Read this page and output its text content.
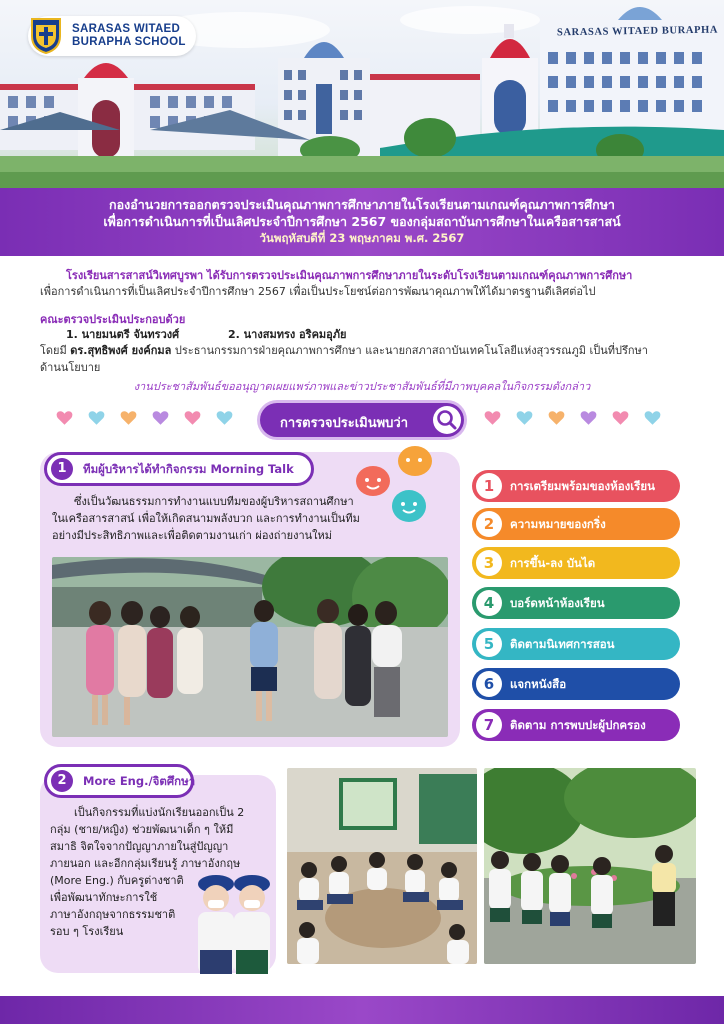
SARASAS WITAED BURAPHA
SARASAS WITAED
BURAPHA SCHOOL
กองอำนวยการออกตรวจประเมินคุณภาพการศึกษาภายในโรงเรียนตามเกณฑ์คุณภาพการศึกษา
เพื่อการดำเนินการที่เป็นเลิศประจำปีการศึกษา 2567 ของกลุ่มสถาบันการศึกษาในเครือสารสาสน์
วันพฤหัสบดีที่ 23 พฤษภาคม พ.ศ. 2567
โรงเรียนสารสาสน์วิเทศบูรพา ได้รับการตรวจประเมินคุณภาพการศึกษาภายในระดับโรงเรียนตามเกณฑ์คุณภาพการศึกษา
เพื่อการดำเนินการที่เป็นเลิศประจำปีการศึกษา 2567 เพื่อเป็นประโยชน์ต่อการพัฒนาคุณภาพให้ได้มาตรฐานดีเลิศต่อไป
คณะตรวจประเมินประกอบด้วย
1. นายมนตรี จันทรวงศ์	2. นางสมทรง อริคมอุภัย
โดยมี ดร.สุทธิพงศ์ ยงค์กมล ประธานกรรมการฝ่ายคุณภาพการศึกษา และนายกสภาสถาบันเทคโนโลยีแห่งสุวรรณภูมิ เป็นที่ปรึกษา
ด้านนโยบาย
งานประชาสัมพันธ์ขออนุญาตเผยแพร่ภาพและข่าวประชาสัมพันธ์ที่มีภาพบุคคลในกิจกรรมดังกล่าว
การตรวจประเมินพบว่า
1	ทีมผู้บริหารได้ทำกิจกรรม Morning Talk
ซึ่งเป็นวัฒนธรรมการทำงานแบบทีมของผู้บริหารสถานศึกษา
ในเครือสารสาสน์ เพื่อให้เกิดสนามพลังบวก และการทำงานเป็นทีม
อย่างมีประสิทธิภาพและเพื่อติดตามงานเก่า ผ่องถ่ายงานใหม่
1	การเตรียมพร้อมของห้องเรียน
2	ความหมายของกริ่ง
3	การขึ้น-ลง บันได
4	บอร์ดหน้าห้องเรียน
5	ติดตามนิเทศการสอน
6	แจกหนังสือ
7	ติดตาม การพบปะผู้ปกครอง
2	More Eng./จิตศึกษา
เป็นกิจกรรมที่แบ่งนักเรียนออกเป็น 2
กลุ่ม (ชาย/หญิง) ช่วยพัฒนาเด็ก ๆ ให้มี
สมาธิ จิตใจจากปัญญาภายในสู่ปัญญา
ภายนอก และอีกกลุ่มเรียนรู้ ภาษาอังกฤษ
(More Eng.) กับครูต่างชาติ
เพื่อพัฒนาทักษะการใช้
ภาษาอังกฤษจากธรรมชาติ
รอบ ๆ โรงเรียน
